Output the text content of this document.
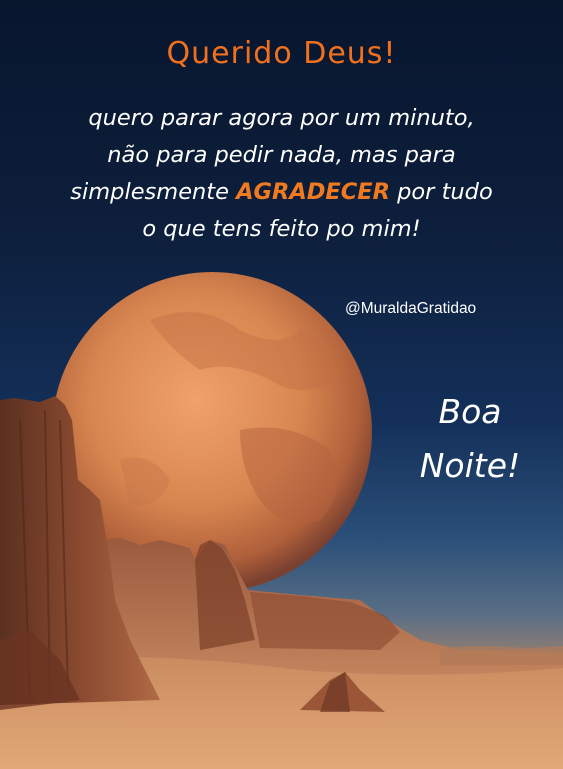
Querido Deus!
quero parar agora por um minuto,
não para pedir nada, mas para
simplesmente AGRADECER por tudo
o que tens feito po mim!
@MuraldaGratidao
Boa
Noite!
